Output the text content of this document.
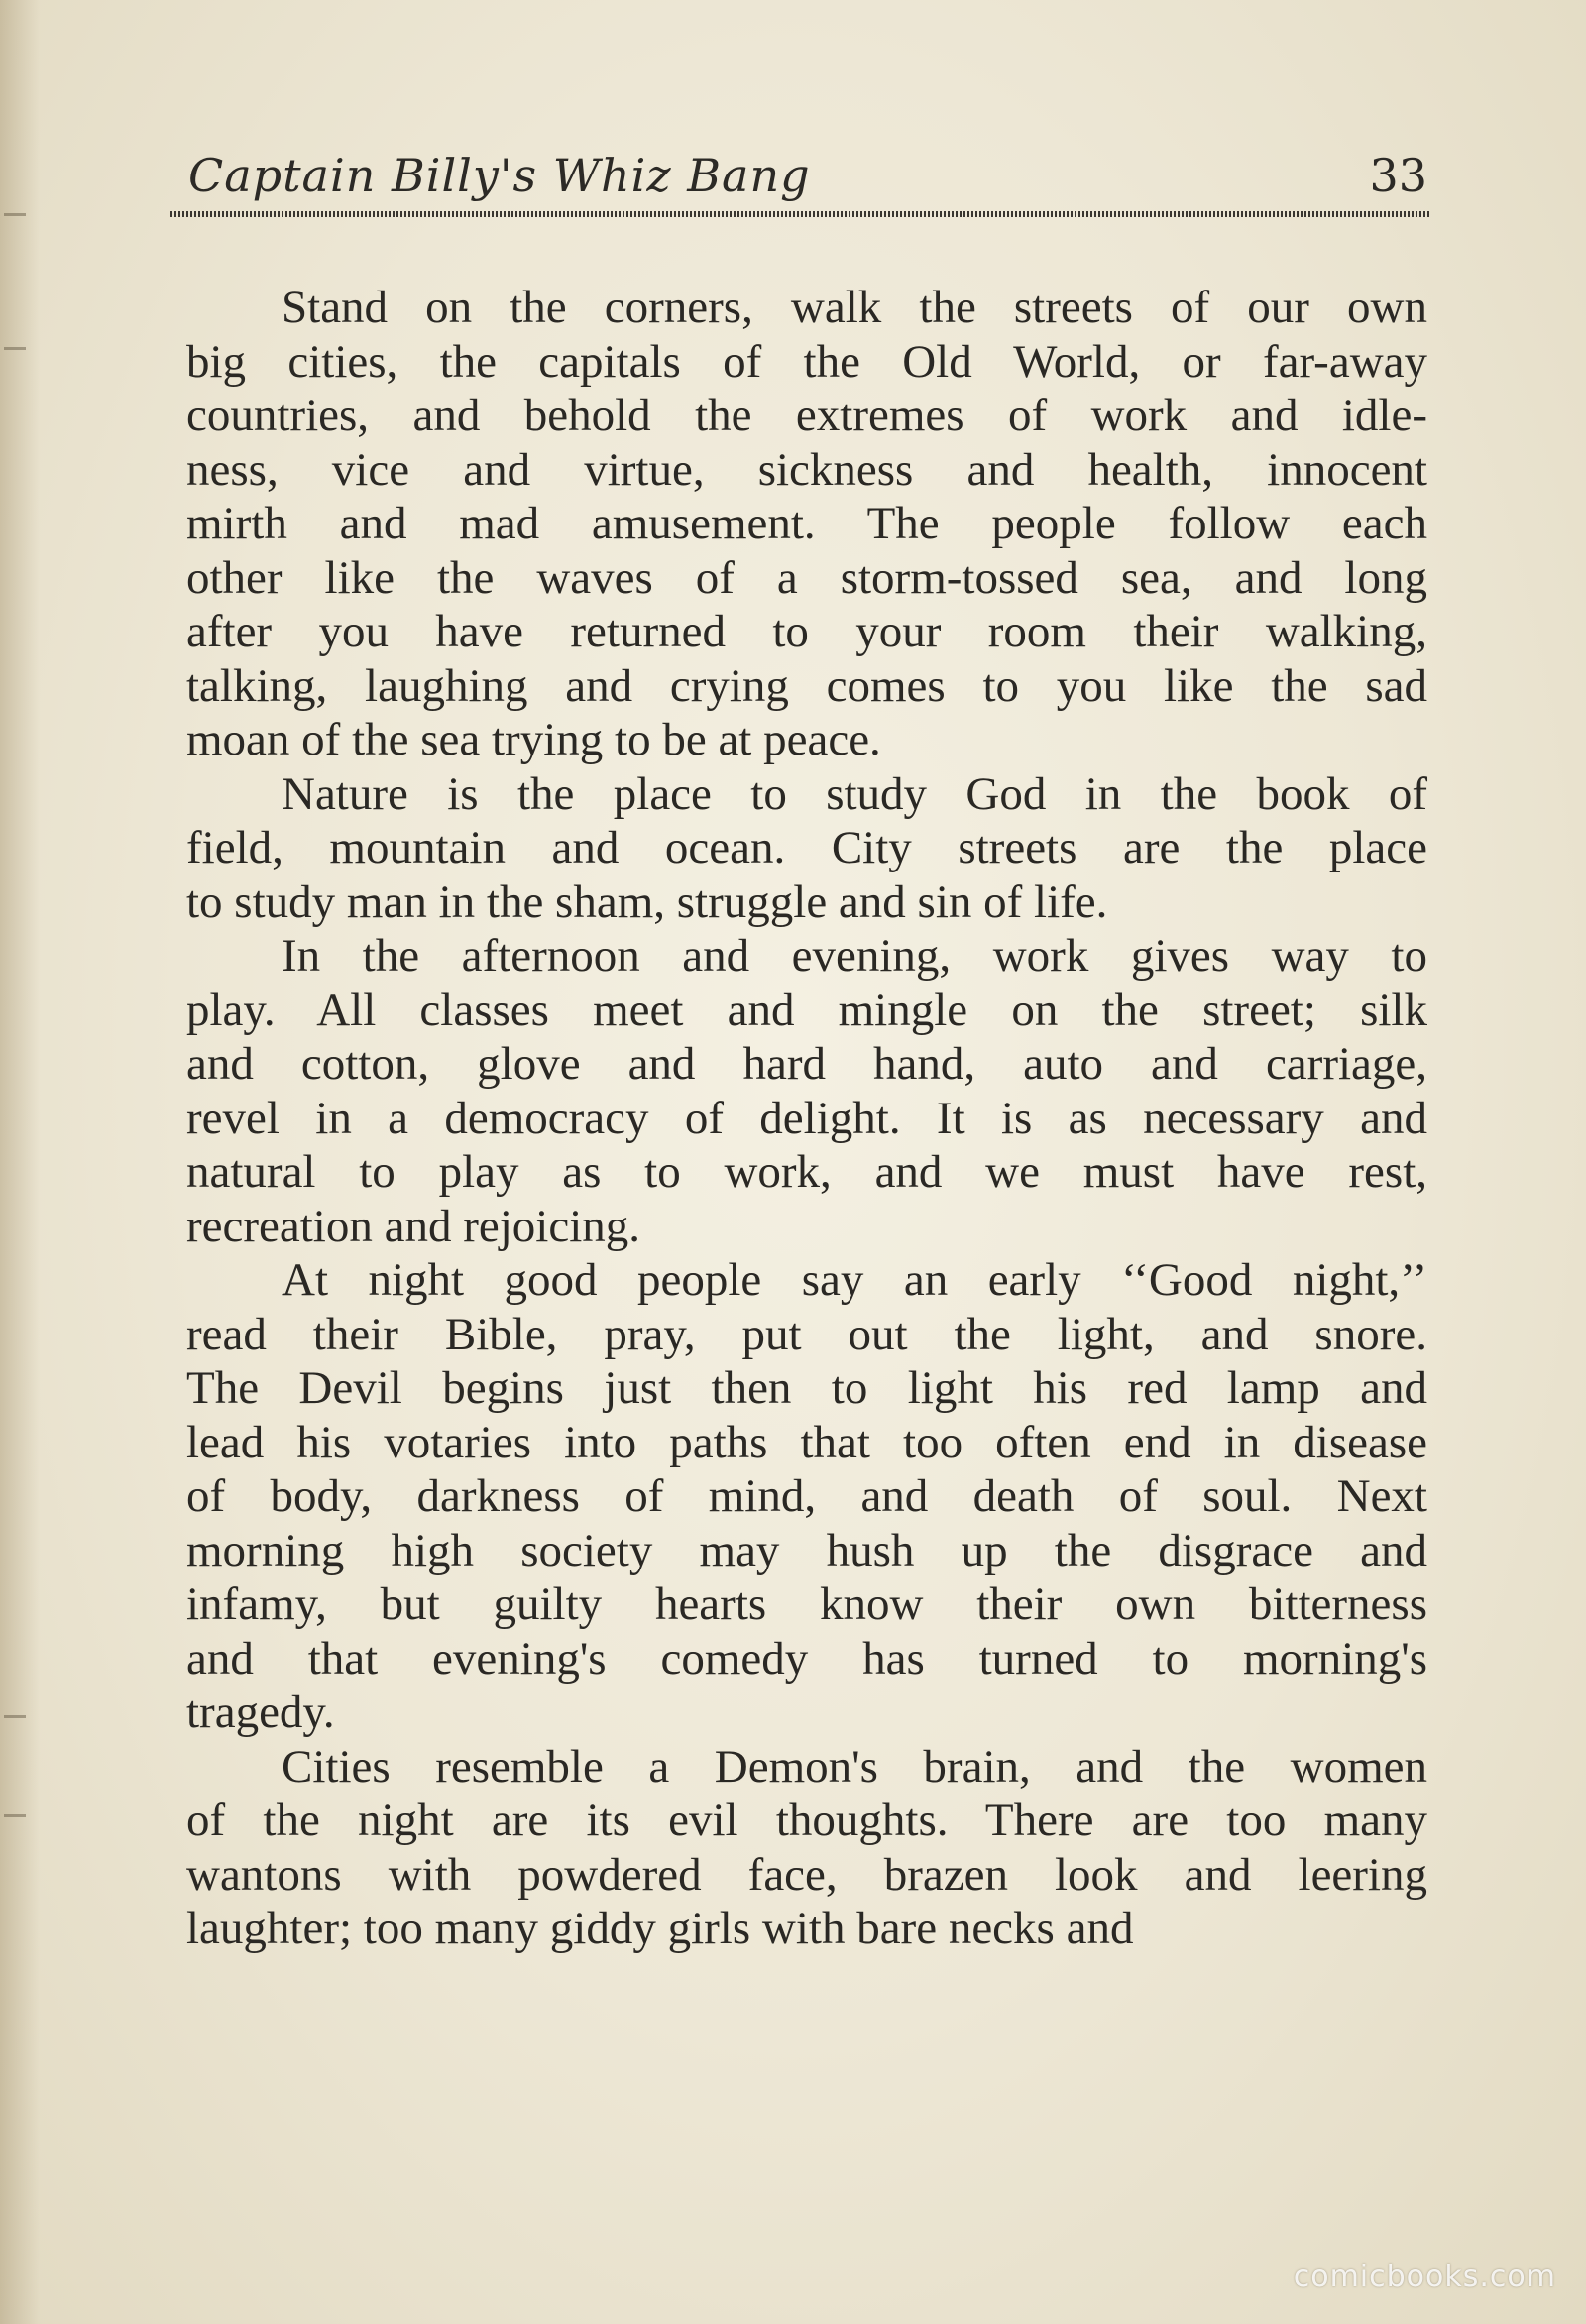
Captain Billy's Whiz Bang	33
Stand on the corners, walk the streets of our own
big cities, the capitals of the Old World, or far-away
countries, and behold the extremes of work and idle-
ness, vice and virtue, sickness and health, innocent
mirth and mad amusement. The people follow each
other like the waves of a storm-tossed sea, and long
after you have returned to your room their walking,
talking, laughing and crying comes to you like the sad
moan of the sea trying to be at peace.
Nature is the place to study God in the book of
field, mountain and ocean. City streets are the place
to study man in the sham, struggle and sin of life.
In the afternoon and evening, work gives way to
play. All classes meet and mingle on the street; silk
and cotton, glove and hard hand, auto and carriage,
revel in a democracy of delight. It is as necessary and
natural to play as to work, and we must have rest,
recreation and rejoicing.
At night good people say an early ‘‘Good night,’’
read their Bible, pray, put out the light, and snore.
The Devil begins just then to light his red lamp and
lead his votaries into paths that too often end in disease
of body, darkness of mind, and death of soul. Next
morning high society may hush up the disgrace and
infamy, but guilty hearts know their own bitterness
and that evening's comedy has turned to morning's
tragedy.
Cities resemble a Demon's brain, and the women
of the night are its evil thoughts. There are too many
wantons with powdered face, brazen look and leering
laughter; too many giddy girls with bare necks and
comicbooks.com
